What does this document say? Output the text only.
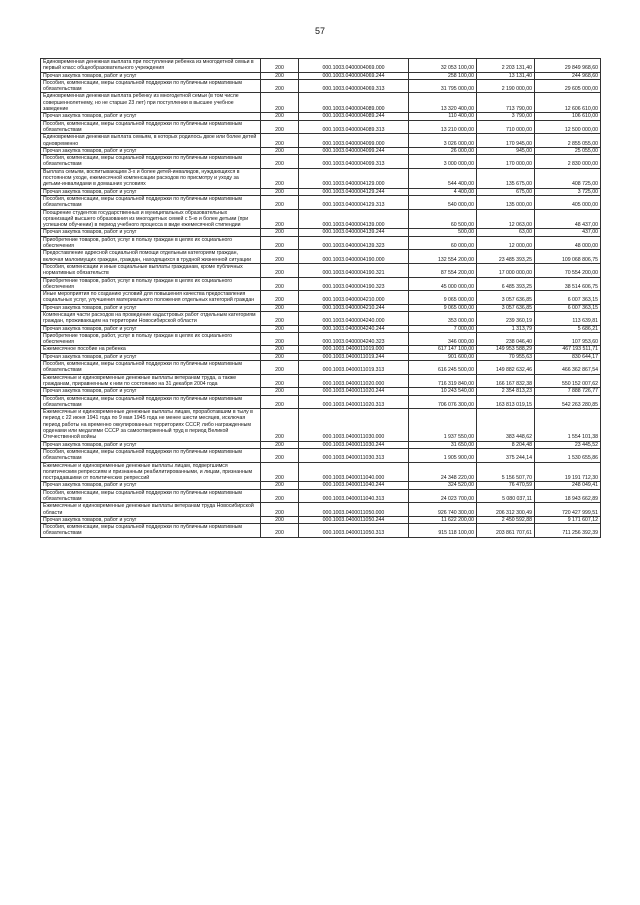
57
Единовременная денежная выплата при поступлении ребенка из многодетной семьи в первый класс общеобразовательного учреждения	200	000.1003.0400004069.000	32 053 100,00	2 203 131,40	29 849 968,60
Прочая закупка товаров, работ и услуг	200	000.1003.0400004069.244	258 100,00	13 131,40	244 968,60
Пособия, компенсации, меры социальной поддержки по публичным нормативным обязательствам	200	000.1003.0400004069.313	31 795 000,00	2 190 000,00	29 605 000,00
Единовременная денежная выплата ребенку из многодетной семьи (в том числе совершеннолетнему, но не старше 23 лет) при поступлении в высшее учебное заведение	200	000.1003.0400004089.000	13 320 400,00	713 790,00	12 606 610,00
Прочая закупка товаров, работ и услуг	200	000.1003.0400004089.244	110 400,00	3 790,00	106 610,00
Пособия, компенсации, меры социальной поддержки по публичным нормативным обязательствам	200	000.1003.0400004089.313	13 210 000,00	710 000,00	12 500 000,00
Единовременная денежная выплата семьям, в которых родилось двое или более детей одновременно	200	000.1003.0400004099.000	3 026 000,00	170 945,00	2 855 055,00
Прочая закупка товаров, работ и услуг	200	000.1003.0400004099.244	26 000,00	945,00	25 055,00
Пособия, компенсации, меры социальной поддержки по публичным нормативным обязательствам	200	000.1003.0400004099.313	3 000 000,00	170 000,00	2 830 000,00
Выплата семьям, воспитывающим 3-х и более детей-инвалидов, нуждающихся в постоянном уходе, ежемесячной компенсации расходов по присмотру и уходу за детьми-инвалидами в домашних условиях	200	000.1003.0400004129.000	544 400,00	135 675,00	408 725,00
Прочая закупка товаров, работ и услуг	200	000.1003.0400004129.244	4 400,00	675,00	3 725,00
Пособия, компенсации, меры социальной поддержки по публичным нормативным обязательствам	200	000.1003.0400004129.313	540 000,00	135 000,00	405 000,00
Поощрение студентов государственных и муниципальных образовательных организаций высшего образования из многодетных семей с 5-ю и более детьми (при успешном обучении) в период учебного процесса в виде ежемесячной стипендии	200	000.1003.0400004139.000	60 500,00	12 063,00	48 437,00
Прочая закупка товаров, работ и услуг	200	000.1003.0400004139.244	500,00	63,00	437,00
Приобретение товаров, работ, услуг в пользу граждан в целях их социального обеспечения	200	000.1003.0400004139.323	60 000,00	12 000,00	48 000,00
Предоставление адресной социальной помощи отдельным категориям граждан, включая малоимущих граждан, граждан, находящихся в трудной жизненной ситуации	200	000.1003.0400004190.000	132 554 200,00	23 485 393,25	109 068 806,75
Пособия, компенсации и иные социальные выплаты гражданам, кроме публичных нормативных обязательств	200	000.1003.0400004190.321	87 554 200,00	17 000 000,00	70 554 200,00
Приобретение товаров, работ, услуг в пользу граждан в целях их социального обеспечения	200	000.1003.0400004190.323	45 000 000,00	6 485 393,25	38 514 606,75
Иные мероприятия по созданию условий для повышения качества предоставления социальных услуг, улучшения материального положения отдельных категорий граждан	200	000.1003.0400004210.000	9 065 000,00	3 057 636,85	6 007 363,15
Прочая закупка товаров, работ и услуг	200	000.1003.0400004210.244	9 065 000,00	3 057 636,85	6 007 363,15
Компенсация части расходов на проведение кадастровых работ отдельным категориям граждан, проживающим на территории Новосибирской области	200	000.1003.0400004240.000	353 000,00	239 360,19	113 639,81
Прочая закупка товаров, работ и услуг	200	000.1003.0400004240.244	7 000,00	1 313,79	5 686,21
Приобретение товаров, работ, услуг в пользу граждан в целях их социального обеспечения	200	000.1003.0400004240.323	346 000,00	238 046,40	107 953,60
Ежемесячное пособие на ребенка	200	000.1003.0400011019.000	617 147 100,00	149 953 588,29	467 193 511,71
Прочая закупка товаров, работ и услуг	200	000.1003.0400011019.244	901 600,00	70 955,63	830 644,17
Пособия, компенсации, меры социальной поддержки по публичным нормативным обязательствам	200	000.1003.0400011019.313	616 245 500,00	149 882 632,46	466 362 867,54
Ежемесячные и единовременные денежные выплаты ветеранам труда, а также гражданам, приравненным к ним по состоянию на 31 декабря 2004 года	200	000.1003.0400011020.000	716 319 840,00	166 167 832,38	550 152 007,62
Прочая закупка товаров, работ и услуг	200	000.1003.0400011020.244	10 243 540,00	2 354 813,23	7 888 726,77
Пособия, компенсации, меры социальной поддержки по публичным нормативным обязательствам	200	000.1003.0400011020.313	706 076 300,00	163 813 019,15	542 263 280,85
Ежемесячные и единовременные денежные выплаты лицам, проработавшим в тылу в период с 22 июня 1941 года по 9 мая 1945 года не менее шести месяцев, исключая период работы на временно оккупированных территориях СССР, либо награжденным орденами или медалями СССР за самоотверженный труд в период Великой Отечественной войны	200	000.1003.0400011030.000	1 937 550,00	383 448,62	1 554 101,38
Прочая закупка товаров, работ и услуг	200	000.1003.0400011030.244	31 650,00	8 204,48	23 445,52
Пособия, компенсации, меры социальной поддержки по публичным нормативным обязательствам	200	000.1003.0400011030.313	1 905 900,00	375 244,14	1 530 655,86
Ежемесячные и единовременные денежные выплаты лицам, подвергшимся политическим репрессиям и признанным реабилитированными, и лицам, признанным пострадавшими от политических репрессий	200	000.1003.0400011040.000	24 348 220,00	5 156 507,70	19 191 712,30
Прочая закупка товаров, работ и услуг	200	000.1003.0400011040.244	324 520,00	76 470,59	248 049,41
Пособия, компенсации, меры социальной поддержки по публичным нормативным обязательствам	200	000.1003.0400011040.313	24 023 700,00	5 080 037,11	18 943 662,89
Ежемесячные и единовременные денежные выплаты ветеранам труда Новосибирской области	200	000.1003.0400011050.000	926 740 300,00	206 312 300,49	720 427 999,51
Прочая закупка товаров, работ и услуг	200	000.1003.0400011050.244	11 622 200,00	2 450 592,88	9 171 607,12
Пособия, компенсации, меры социальной поддержки по публичным нормативным обязательствам	200	000.1003.0400011050.313	915 118 100,00	203 861 707,61	711 256 392,39
